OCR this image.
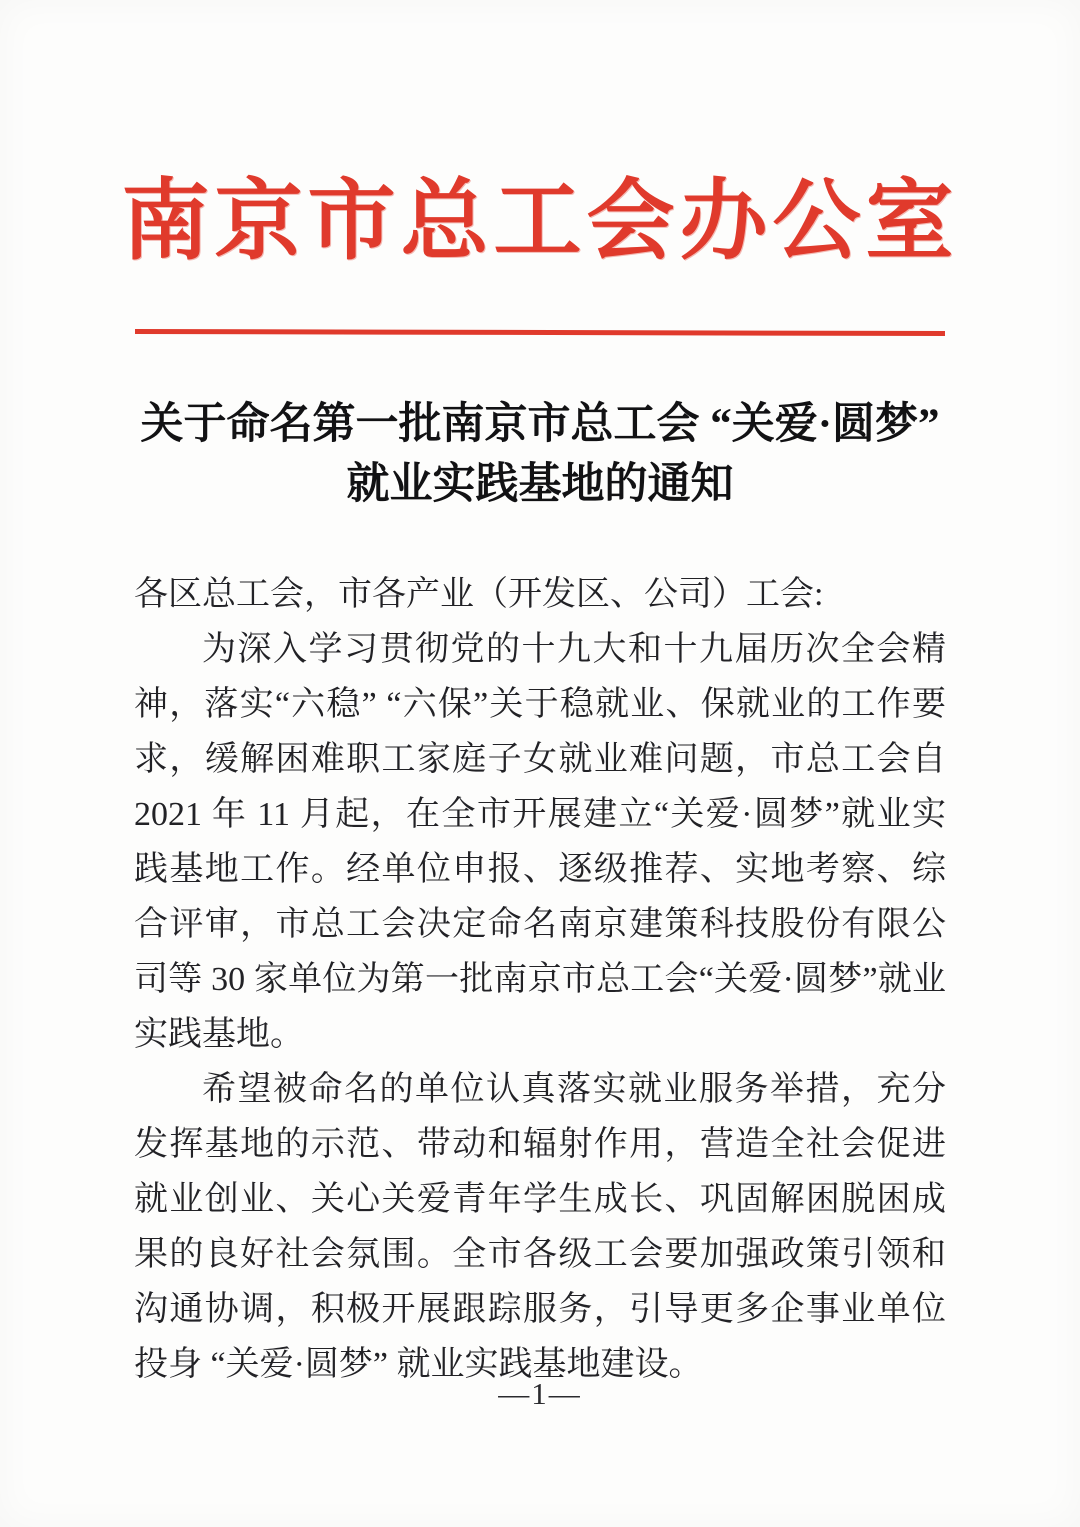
南京市总工会办公室
关于命名第一批南京市总工会 “关爱·圆梦”
就业实践基地的通知

各区总工会，市各产业（开发区、公司）工会:

为深入学习贯彻党的十九大和十九届历次全会精神，落实“六稳” “六保”关于稳就业、保就业的工作要求，缓解困难职工家庭子女就业难问题，市总工会自 2021 年 11 月起，在全市开展建立“关爱·圆梦”就业实践基地工作。经单位申报、逐级推荐、实地考察、综合评审，市总工会决定命名南京建策科技股份有限公司等 30 家单位为第一批南京市总工会“关爱·圆梦”就业实践基地。

希望被命名的单位认真落实就业服务举措，充分发挥基地的示范、带动和辐射作用，营造全社会促进就业创业、关心关爱青年学生成长、巩固解困脱困成果的良好社会氛围。全市各级工会要加强政策引领和沟通协调，积极开展跟踪服务，引导更多企事业单位投身 “关爱·圆梦” 就业实践基地建设。

—1—
